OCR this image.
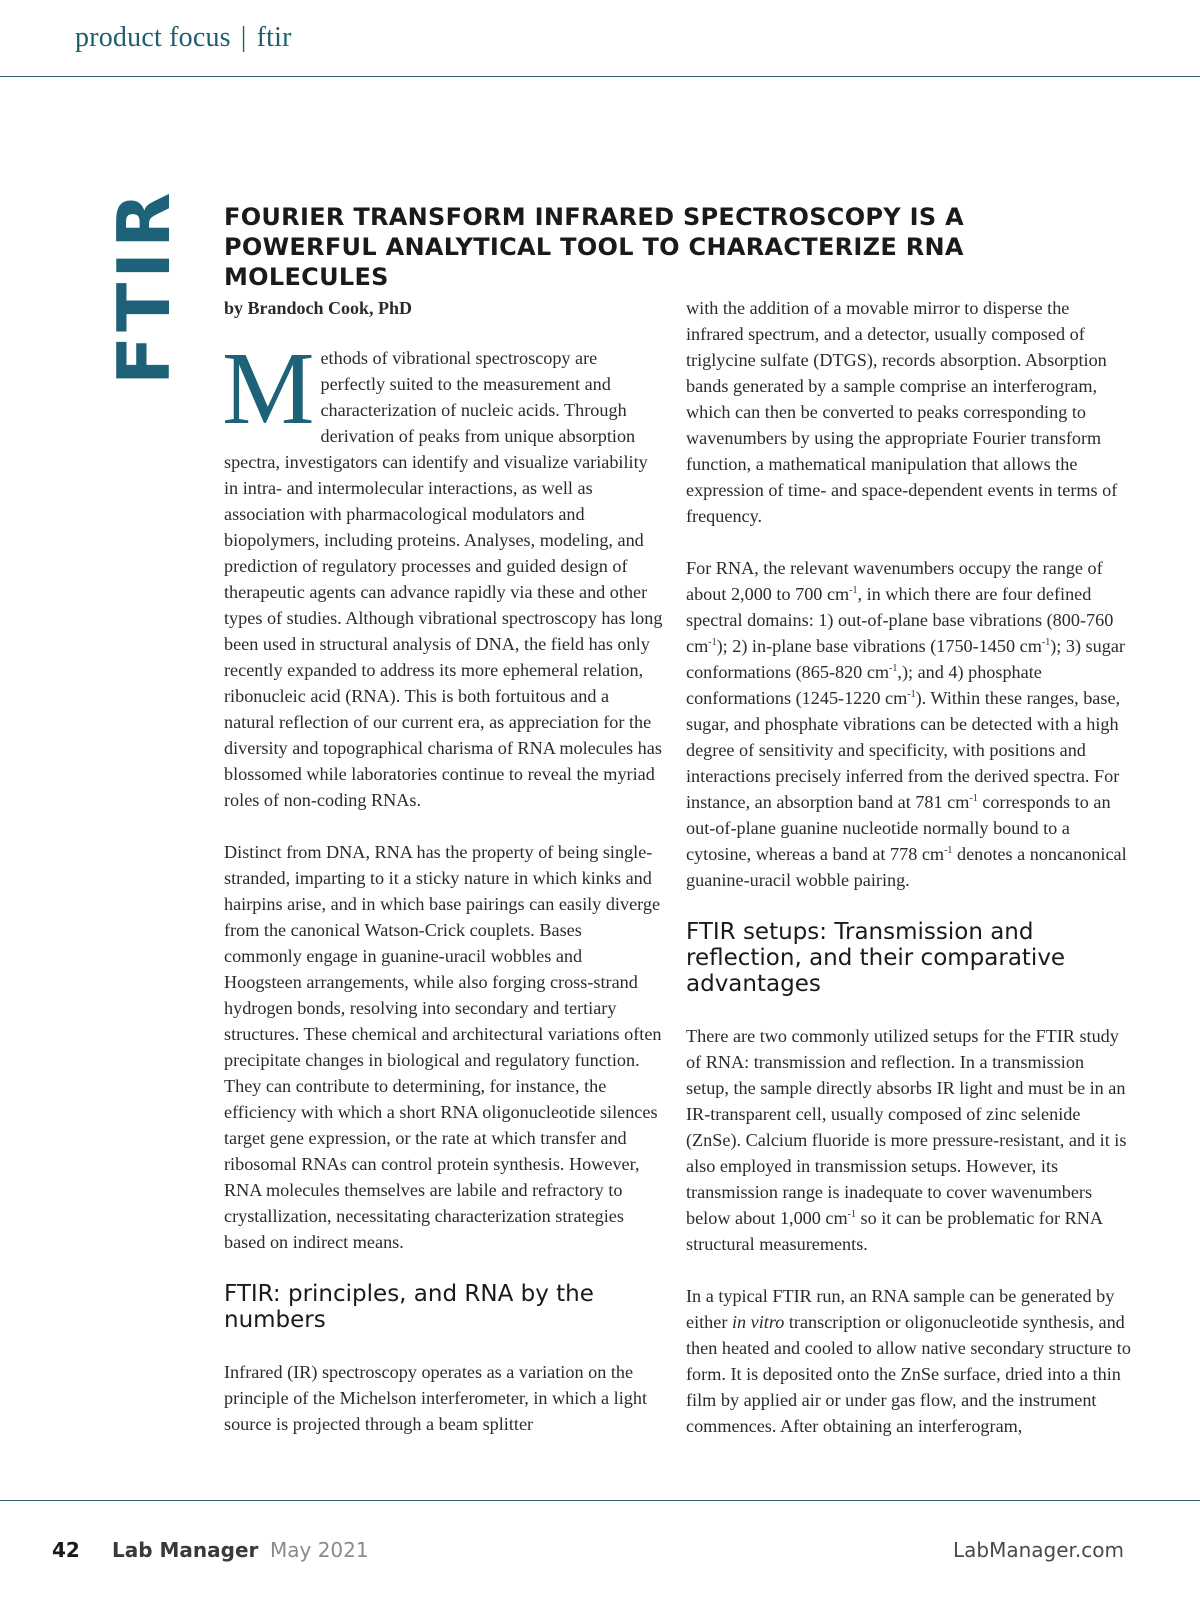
product focus | ftir
FTIR FOURIER TRANSFORM INFRARED SPECTROSCOPY IS A POWERFUL ANALYTICAL TOOL TO CHARACTERIZE RNA MOLECULES
by Brandoch Cook, PhD

Methods of vibrational spectroscopy are perfectly suited to the measurement and characterization of nucleic acids. Through derivation of peaks from unique absorption spectra, investigators can identify and visualize variability in intra- and intermolecular interactions, as well as association with pharmacological modulators and biopolymers, including proteins. Analyses, modeling, and prediction of regulatory processes and guided design of therapeutic agents can advance rapidly via these and other types of studies. Although vibrational spectroscopy has long been used in structural analysis of DNA, the field has only recently expanded to address its more ephemeral relation, ribonucleic acid (RNA). This is both fortuitous and a natural reflection of our current era, as appreciation for the diversity and topographical charisma of RNA molecules has blossomed while laboratories continue to reveal the myriad roles of non-coding RNAs.

Distinct from DNA, RNA has the property of being single-stranded, imparting to it a sticky nature in which kinks and hairpins arise, and in which base pairings can easily diverge from the canonical Watson-Crick couplets. Bases commonly engage in guanine-uracil wobbles and Hoogsteen arrangements, while also forging cross-strand hydrogen bonds, resolving into secondary and tertiary structures. These chemical and architectural variations often precipitate changes in biological and regulatory function. They can contribute to determining, for instance, the efficiency with which a short RNA oligonucleotide silences target gene expression, or the rate at which transfer and ribosomal RNAs can control protein synthesis. However, RNA molecules themselves are labile and refractory to crystallization, necessitating characterization strategies based on indirect means.

FTIR: principles, and RNA by the numbers

Infrared (IR) spectroscopy operates as a variation on the principle of the Michelson interferometer, in which a light source is projected through a beam splitter

with the addition of a movable mirror to disperse the infrared spectrum, and a detector, usually composed of triglycine sulfate (DTGS), records absorption. Absorption bands generated by a sample comprise an interferogram, which can then be converted to peaks corresponding to wavenumbers by using the appropriate Fourier transform function, a mathematical manipulation that allows the expression of time- and space-dependent events in terms of frequency.

For RNA, the relevant wavenumbers occupy the range of about 2,000 to 700 $cm^{-1}$, in which there are four defined spectral domains: 1) out-of-plane base vibrations (800-760 $cm^{-1}$); 2) in-plane base vibrations (1750-1450 $cm^{-1}$); 3) sugar conformations (865-820 $cm^{-1}$,); and 4) phosphate conformations (1245-1220 $cm^{-1}$). Within these ranges, base, sugar, and phosphate vibrations can be detected with a high degree of sensitivity and specificity, with positions and interactions precisely inferred from the derived spectra. For instance, an absorption band at 781 $cm^{-1}$ corresponds to an out-of-plane guanine nucleotide normally bound to a cytosine, whereas a band at 778 $cm^{-1}$ denotes a noncanonical guanine-uracil wobble pairing.

FTIR setups: Transmission and reflection, and their comparative advantages

There are two commonly utilized setups for the FTIR study of RNA: transmission and reflection. In a transmission setup, the sample directly absorbs IR light and must be in an IR-transparent cell, usually composed of zinc selenide (ZnSe). Calcium fluoride is more pressure-resistant, and it is also employed in transmission setups. However, its transmission range is inadequate to cover wavenumbers below about 1,000 $cm^{-1}$ so it can be problematic for RNA structural measurements.

In a typical FTIR run, an RNA sample can be generated by either in vitro transcription or oligonucleotide synthesis, and then heated and cooled to allow native secondary structure to form. It is deposited onto the ZnSe surface, dried into a thin film by applied air or under gas flow, and the instrument commences. After obtaining an interferogram,

42 Lab Manager May 2021	LabManager.com
